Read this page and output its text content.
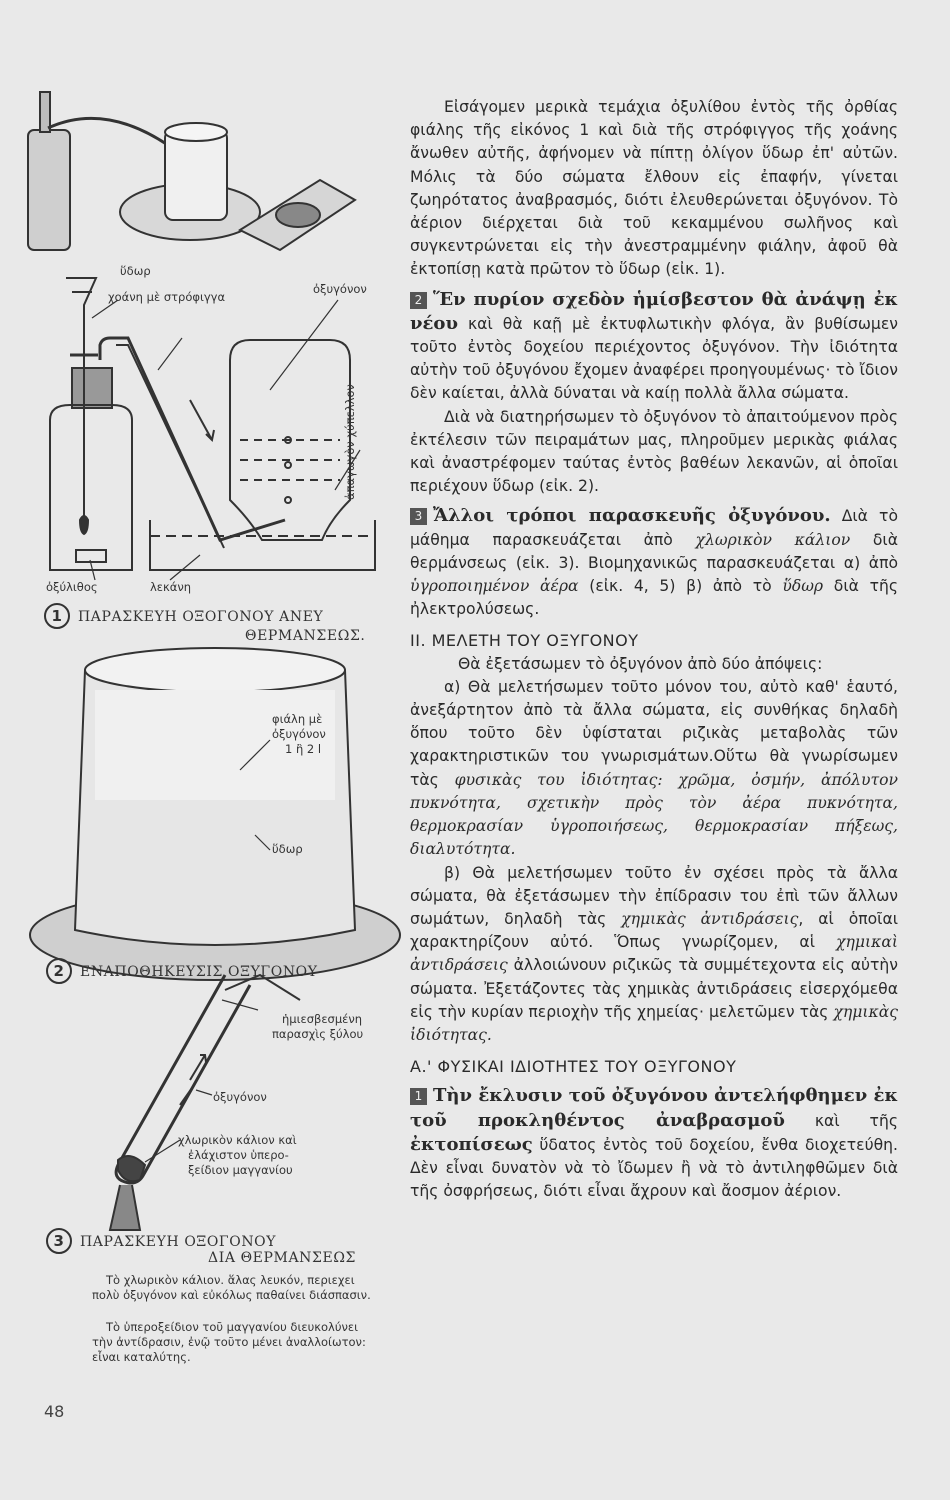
ὕδωρ
χοάνη μὲ στρόφιγγα
ὀξυγόνον
ἀπαγωγὸν χύπελλον
ὀξύλιθος	λεκάνη
1 ΠΑΡΑΣΚΕΥΗ ΟΞΟΓΟΝΟΥ ΑΝΕΥ
ΘΕΡΜΑΝΣΕΩΣ.
φιάλη μὲ
ὀξυγόνον
1 ἢ 2 l
ὕδωρ
2 ΕΝΑΠΟΘΗΚΕΥΣΙΣ ΟΞΥΓΟΝΟΥ
ἡμιεσβεσμένη
παρασχὶς ξύλου
ὀξυγόνον
χλωρικὸν κάλιον καὶ
ἐλάχιστον ὑπερο-
ξείδιον μαγγανίου
3 ΠΑΡΑΣΚΕΥΗ ΟΞΟΓΟΝΟΥ
ΔΙΑ ΘΕΡΜΑΝΣΕΩΣ
Τὸ χλωρικὸν κάλιον. ἅλας λευκόν, περιεχει πολὺ ὀξυγόνον καὶ εὐκόλως παθαίνει διάσπασιν.
Τὸ ὑπεροξείδιον τοῦ μαγγανίου διευκολύνει τὴν ἀντίδρασιν, ἐνῷ τοῦτο μένει ἀναλλοίωτον: εἶναι καταλύτης.
48

Εἰσάγομεν μερικὰ τεμάχια ὀξυλίθου ἐντὸς τῆς ὀρθίας φιάλης τῆς εἰκόνος 1 καὶ διὰ τῆς στρόφιγγος τῆς χοάνης ἄνωθεν αὐτῆς, ἀφήνομεν νὰ πίπτῃ ὀλίγον ὕδωρ ἐπ' αὐτῶν. Μόλις τὰ δύο σώματα ἔλθουν εἰς ἐπαφήν, γίνεται ζωηρότατος ἀναβρασμός, διότι ἐλευθερώνεται ὀξυγόνον. Τὸ ἀέριον διέρχεται διὰ τοῦ κεκαμμένου σωλῆνος καὶ συγκεντρώνεται εἰς τὴν ἀνεστραμμένην φιάλην, ἀφοῦ θὰ ἐκτοπίσῃ κατὰ πρῶτον τὸ ὕδωρ (εἰκ. 1).

2 Ἕν πυρίον σχεδὸν ἡμίσβεστον θὰ ἀνάψῃ ἐκ νέου καὶ θὰ καῇ μὲ ἐκτυφλωτικὴν φλόγα, ἂν βυθίσωμεν τοῦτο ἐντὸς δοχείου περιέχοντος ὀξυγόνον. Τὴν ἰδιότητα αὐτὴν τοῦ ὀξυγόνου ἔχομεν ἀναφέρει προηγουμένως· τὸ ἴδιον δὲν καίεται, ἀλλὰ δύναται νὰ καίῃ πολλὰ ἄλλα σώματα.

Διὰ νὰ διατηρήσωμεν τὸ ὀξυγόνον τὸ ἀπαιτούμενον πρὸς ἐκτέλεσιν τῶν πειραμάτων μας, πληροῦμεν μερικὰς φιάλας καὶ ἀναστρέφομεν ταύτας ἐντὸς βαθέων λεκανῶν, αἱ ὁποῖαι περιέχουν ὕδωρ (εἰκ. 2).

3 Ἄλλοι τρόποι παρασκευῆς ὀξυγόνου. Διὰ τὸ μάθημα παρασκευάζεται ἀπὸ χλωρικὸν κάλιον διὰ θερμάνσεως (εἰκ. 3). Βιομηχανικῶς παρασκευάζεται α) ἀπὸ ὑγροποιημένον ἀέρα (εἰκ. 4, 5) β) ἀπὸ τὸ ὕδωρ διὰ τῆς ἠλεκτρολύσεως.

ΙΙ. ΜΕΛΕΤΗ ΤΟΥ ΟΞΥΓΟΝΟΥ

Θὰ ἐξετάσωμεν τὸ ὀξυγόνον ἀπὸ δύο ἀπόψεις:

α) Θὰ μελετήσωμεν τοῦτο μόνον του, αὐτὸ καθ' ἑαυτό, ἀνεξάρτητον ἀπὸ τὰ ἄλλα σώματα, εἰς συνθήκας δηλαδὴ ὅπου τοῦτο δὲν ὑφίσταται ριζικὰς μεταβολὰς τῶν χαρακτηριστικῶν του γνωρισμάτων.Οὕτω θὰ γνωρίσωμεν τὰς φυσικὰς του ἰδιότητας: χρῶμα, ὀσμήν, ἀπόλυτον πυκνότητα, σχετικὴν πρὸς τὸν ἀέρα πυκνότητα, θερμοκρασίαν ὑγροποιήσεως, θερμοκρασίαν πήξεως, διαλυτότητα.

β) Θὰ μελετήσωμεν τοῦτο ἐν σχέσει πρὸς τὰ ἄλλα σώματα, θὰ ἐξετάσωμεν τὴν ἐπίδρασιν του ἐπὶ τῶν ἄλλων σωμάτων, δηλαδὴ τὰς χημικὰς ἀντιδράσεις, αἱ ὁποῖαι χαρακτηρίζουν αὐτό. Ὅπως γνωρίζομεν, αἱ χημικαὶ ἀντιδράσεις ἀλλοιώνουν ριζικῶς τὰ συμμέτεχοντα εἰς αὐτὴν σώματα. Ἐξετάζοντες τὰς χημικὰς ἀντιδράσεις εἰσερχόμεθα εἰς τὴν κυρίαν περιοχὴν τῆς χημείας· μελετῶμεν τὰς χημικὰς ἰδιότητας.

Α.' ΦΥΣΙΚΑΙ ΙΔΙΟΤΗΤΕΣ ΤΟΥ ΟΞΥΓΟΝΟΥ

1 Τὴν ἔκλυσιν τοῦ ὀξυγόνου ἀντελήφθημεν ἐκ τοῦ προκληθέντος ἀναβρασμοῦ καὶ τῆς ἐκτοπίσεως ὕδατος ἐντὸς τοῦ δοχείου, ἔνθα διοχετεύθη. Δὲν εἶναι δυνατὸν νὰ τὸ ἴδωμεν ἢ νὰ τὸ ἀντιληφθῶμεν διὰ τῆς ὀσφρήσεως, διότι εἶναι ἄχρουν καὶ ἄοσμον ἀέριον.
